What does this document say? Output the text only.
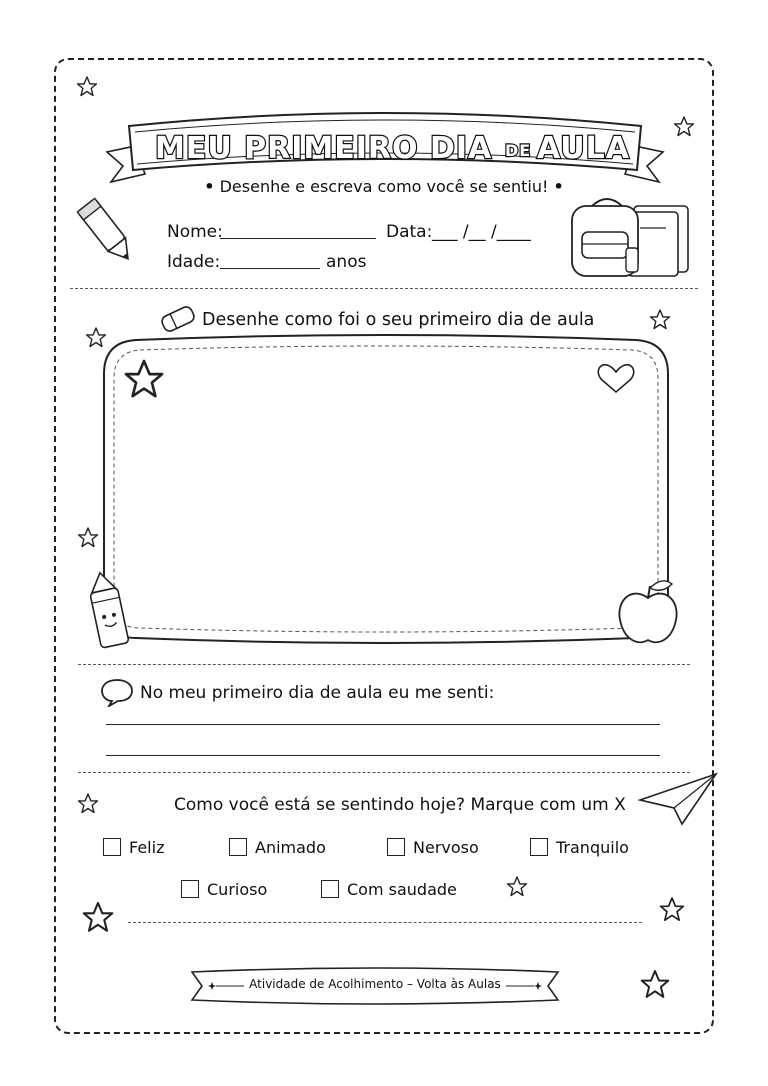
MEU PRIMEIRO DIA DE AULA
• Desenhe e escreva como você se sentiu! •
Nome:	Data: ___ /__ /____
Idade:	anos
Desenhe como foi o seu primeiro dia de aula
No meu primeiro dia de aula eu me senti:
Como você está se sentindo hoje? Marque com um X
Feliz	Animado	Nervoso	Tranquilo
Curioso	Com saudade
Atividade de Acolhimento – Volta às Aulas
